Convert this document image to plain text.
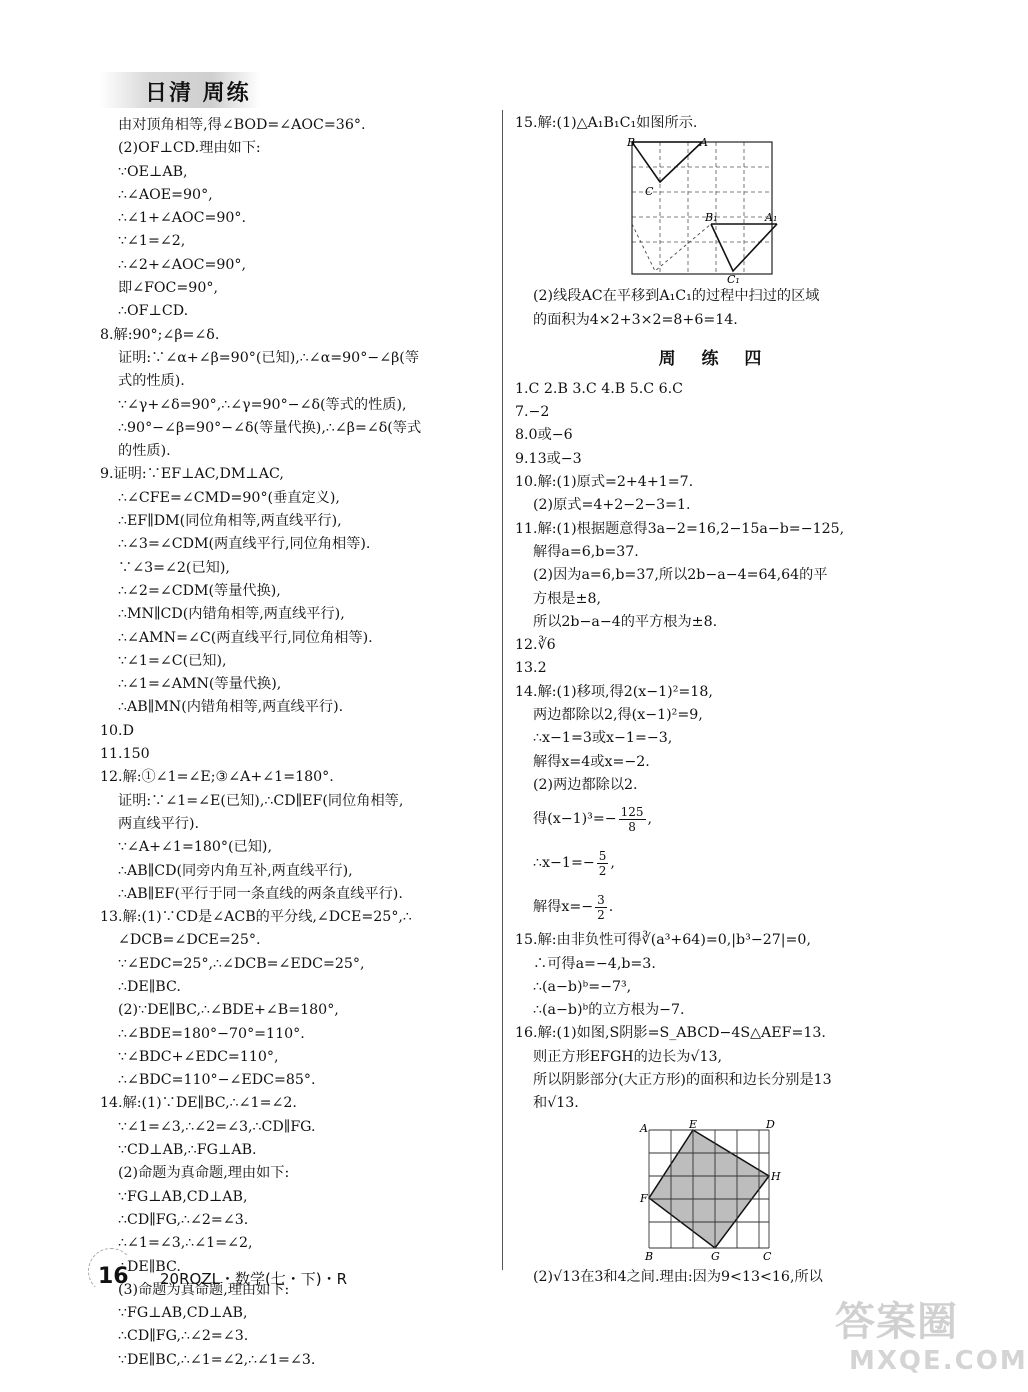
日清 周练
由对顶角相等,得∠BOD=∠AOC=36°.
(2)OF⊥CD.理由如下:
∵OE⊥AB,
∴∠AOE=90°,
∴∠1+∠AOC=90°.
∵∠1=∠2,
∴∠2+∠AOC=90°,
即∠FOC=90°,
∴OF⊥CD.
8.解:90°;∠β=∠δ.
证明:∵∠α+∠β=90°(已知),∴∠α=90°−∠β(等
式的性质).
∵∠γ+∠δ=90°,∴∠γ=90°−∠δ(等式的性质),
∴90°−∠β=90°−∠δ(等量代换),∴∠β=∠δ(等式
的性质).
9.证明:∵EF⊥AC,DM⊥AC,
∴∠CFE=∠CMD=90°(垂直定义),
∴EF∥DM(同位角相等,两直线平行),
∴∠3=∠CDM(两直线平行,同位角相等).
∵∠3=∠2(已知),
∴∠2=∠CDM(等量代换),
∴MN∥CD(内错角相等,两直线平行),
∴∠AMN=∠C(两直线平行,同位角相等).
∵∠1=∠C(已知),
∴∠1=∠AMN(等量代换),
∴AB∥MN(内错角相等,两直线平行).
10.D
11.150
12.解:①∠1=∠E;③∠A+∠1=180°.
证明:∵∠1=∠E(已知),∴CD∥EF(同位角相等,
两直线平行).
∵∠A+∠1=180°(已知),
∴AB∥CD(同旁内角互补,两直线平行),
∴AB∥EF(平行于同一条直线的两条直线平行).
13.解:(1)∵CD是∠ACB的平分线,∠DCE=25°,∴
∠DCB=∠DCE=25°.
∵∠EDC=25°,∴∠DCB=∠EDC=25°,
∴DE∥BC.
(2)∵DE∥BC,∴∠BDE+∠B=180°,
∴∠BDE=180°−70°=110°.
∵∠BDC+∠EDC=110°,
∴∠BDC=110°−∠EDC=85°.
14.解:(1)∵DE∥BC,∴∠1=∠2.
∵∠1=∠3,∴∠2=∠3,∴CD∥FG.
∵CD⊥AB,∴FG⊥AB.
(2)命题为真命题,理由如下:
∵FG⊥AB,CD⊥AB,
∴CD∥FG,∴∠2=∠3.
∴∠1=∠3,∴∠1=∠2,
∴DE∥BC.
(3)命题为真命题,理由如下:
∵FG⊥AB,CD⊥AB,
∴CD∥FG,∴∠2=∠3.
∵DE∥BC,∴∠1=∠2,∴∠1=∠3.
15.解:(1)△A₁B₁C₁如图所示.
B	A
C
B₁	A₁
C₁
(2)线段AC在平移到A₁C₁的过程中扫过的区域
的面积为4×2+3×2=8+6=14.
周 练 四
1.C 2.B 3.C 4.B 5.C 6.C
7.−2
8.0或−6
9.13或−3
10.解:(1)原式=2+4+1=7.
(2)原式=4+2−2−3=1.
11.解:(1)根据题意得3a−2=16,2−15a−b=−125,
解得a=6,b=37.
(2)因为a=6,b=37,所以2b−a−4=64,64的平
方根是±8,
所以2b−a−4的平方根为±8.
12.∛6
13.2
14.解:(1)移项,得2(x−1)²=18,
两边都除以2,得(x−1)²=9,
∴x−1=3或x−1=−3,
解得x=4或x=−2.
(2)两边都除以2.
得$(x-1)^3=- \frac{125}{8}$ ,
∴x−1=− $\frac{5}{2}$ ,
解得$x=- \frac{3}{2}$ .
15.解:由非负性可得∛(a³+64)=0,|b³−27|=0,
∴可得a=−4,b=3.
∴(a−b)ᵇ=−7³,
∴(a−b)ᵇ的立方根为−7.
16.解:(1)如图,S阴影=S_ABCD−4S△AEF=13.
则正方形EFGH的边长为√13,
所以阴影部分(大正方形)的面积和边长分别是13
和√13.
A	E	D
F
H
B	G	C
(2)√13在3和4之间.理由:因为9<13<16,所以
16 20RQZL・数学(七・下)・R
答案圈
MXQE.COM
